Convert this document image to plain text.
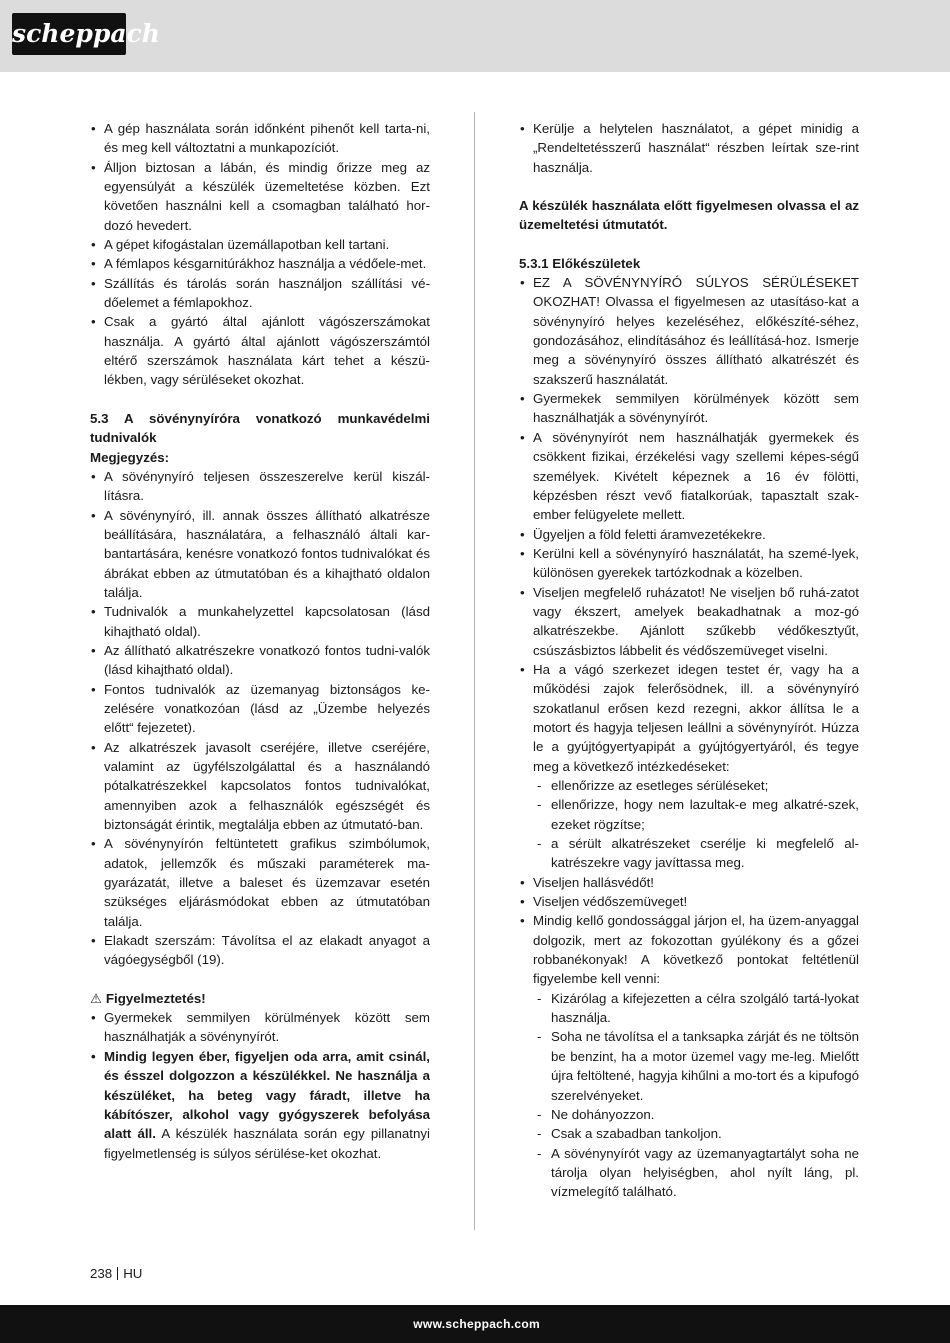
scheppach
• A gép használata során időnként pihenőt kell tarta-ni, és meg kell változtatni a munkapozíciót.
• Álljon biztosan a lábán, és mindig őrizze meg az egyensúlyát a készülék üzemeltetése közben. Ezt követően használni kell a csomagban található hor-dozó hevedert.
• A gépet kifogástalan üzemállapotban kell tartani.
• A fémlapos késgarnitúrákhoz használja a védőele-met.
• Szállítás és tárolás során használjon szállítási vé-dőelemet a fémlapokhoz.
• Csak a gyártó által ajánlott vágószerszámokat használja. A gyártó által ajánlott vágószerszámtól eltérő szerszámok használata kárt tehet a készü-lékben, vagy sérüléseket okozhat.

5.3 A sövénynyíróra vonatkozó munkavédelmi tudnivalók

Megjegyzés:

• A sövénynyíró teljesen összeszerelve kerül kiszál-lításra.
• A sövénynyíró, ill. annak összes állítható alkatrésze beállítására, használatára, a felhasználó általi kar-bantartására, kenésre vonatkozó fontos tudnivalókat és ábrákat ebben az útmutatóban és a kihajtható oldalon találja.
• Tudnivalók a munkahelyzettel kapcsolatosan (lásd kihajtható oldal).
• Az állítható alkatrészekre vonatkozó fontos tudni-valók (lásd kihajtható oldal).
• Fontos tudnivalók az üzemanyag biztonságos ke-zelésére vonatkozóan (lásd az „Üzembe helyezés előtt“ fejezetet).
• Az alkatrészek javasolt cseréjére, illetve cseréjére, valamint az ügyfélszolgálattal és a használandó pótalkatrészekkel kapcsolatos fontos tudnivalókat, amennyiben azok a felhasználók egészségét és biztonságát érintik, megtalálja ebben az útmutató-ban.
• A sövénynyírón feltüntetett grafikus szimbólumok, adatok, jellemzők és műszaki paraméterek ma-gyarázatát, illetve a baleset és üzemzavar esetén szükséges eljárásmódokat ebben az útmutatóban találja.
• Elakadt szerszám: Távolítsa el az elakadt anyagot a vágóegységből (19).

⚠ Figyelmeztetés!

• Gyermekek semmilyen körülmények között sem használhatják a sövénynyírót.
• Mindig legyen éber, figyeljen oda arra, amit csinál, és ésszel dolgozzon a készülékkel. Ne használja a készüléket, ha beteg vagy fáradt, illetve ha kábítószer, alkohol vagy gyógyszerek befolyása alatt áll. A készülék használata során egy pillanatnyi figyelmetlenség is súlyos sérülése-ket okozhat.
• Kerülje a helytelen használatot, a gépet minidig a „Rendeltetésszerű használat“ részben leírtak sze-rint használja.

A készülék használata előtt figyelmesen olvassa el az üzemeltetési útmutatót.

5.3.1 Előkészületek

• EZ A SÖVÉNYNYÍRÓ SÚLYOS SÉRÜLÉSEKET OKOZHAT! Olvassa el figyelmesen az utasításo-kat a sövénynyíró helyes kezeléséhez, előkészíté-séhez, gondozásához, elindításához és leállításá-hoz. Ismerje meg a sövénynyíró összes állítható alkatrészét és szakszerű használatát.
• Gyermekek semmilyen körülmények között sem használhatják a sövénynyírót.
• A sövénynyírót nem használhatják gyermekek és csökkent fizikai, érzékelési vagy szellemi képes-ségű személyek. Kivételt képeznek a 16 év fölötti, képzésben részt vevő fiatalkorúak, tapasztalt szak-ember felügyelete mellett.
• Ügyeljen a föld feletti áramvezetékekre.
• Kerülni kell a sövénynyíró használatát, ha szemé-lyek, különösen gyerekek tartózkodnak a közelben.
• Viseljen megfelelő ruházatot! Ne viseljen bő ruhá-zatot vagy ékszert, amelyek beakadhatnak a moz-gó alkatrészekbe. Ajánlott szűkebb védőkesztyűt, csúszásbiztos lábbelit és védőszemüveget viselni.
• Ha a vágó szerkezet idegen testet ér, vagy ha a működési zajok felerősödnek, ill. a sövénynyíró szokatlanul erősen kezd rezegni, akkor állítsa le a motort és hagyja teljesen leállni a sövénynyírót. Húzza le a gyújtógyertyapipát a gyújtógyertyáról, és tegye meg a következő intézkedéseket:
- ellenőrizze az esetleges sérüléseket;
- ellenőrizze, hogy nem lazultak-e meg alkatré-szek, ezeket rögzítse;
- a sérült alkatrészeket cserélje ki megfelelő al-katrészekre vagy javíttassa meg.
• Viseljen hallásvédőt!
• Viseljen védőszemüveget!
• Mindig kellő gondossággal járjon el, ha üzem-anyaggal dolgozik, mert az fokozottan gyúlékony és a gőzei robbanékonyak! A következő pontokat feltétlenül figyelembe kell venni:
- Kizárólag a kifejezetten a célra szolgáló tartá-lyokat használja.
- Soha ne távolítsa el a tanksapka zárját és ne töltsön be benzint, ha a motor üzemel vagy me-leg. Mielőtt újra feltöltené, hagyja kihűlni a mo-tort és a kipufogó szerelvényeket.
- Ne dohányozzon.
- Csak a szabadban tankoljon.
- A sövénynyírót vagy az üzemanyagtartályt soha ne tárolja olyan helyiségben, ahol nyílt láng, pl. vízmelegítő található.
238 HU
www.scheppach.com
